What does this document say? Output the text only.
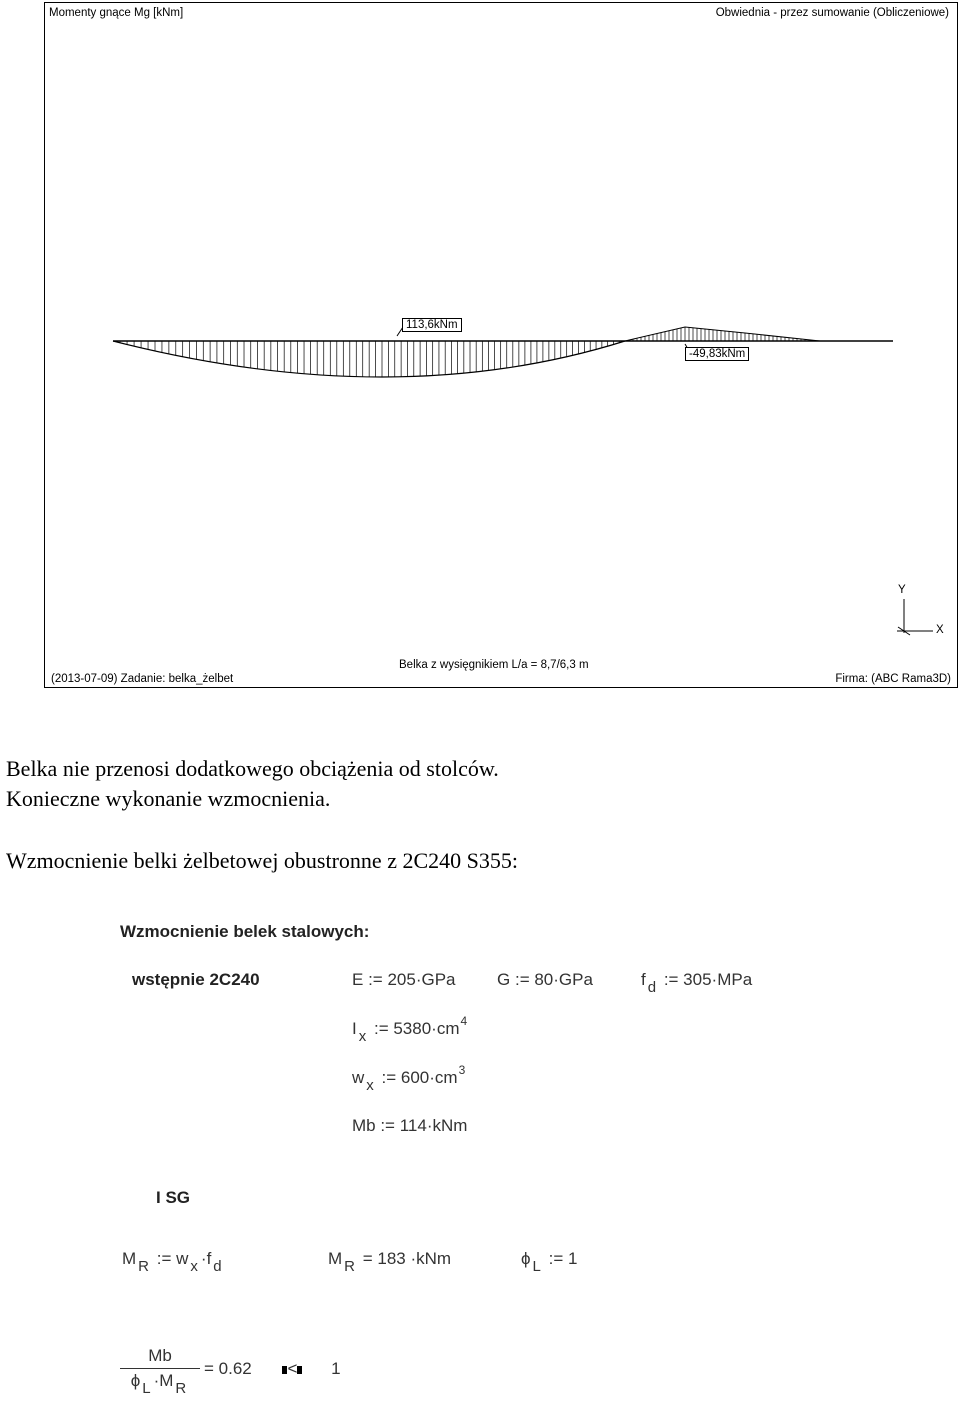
Momenty gnące Mg [kNm]	Obwiednia - przez sumowanie (Obliczeniowe)
113,6kNm
-49,83kNm
Y
X
Belka z wysięgnikiem L/a = 8,7/6,3 m
(2013-07-09) Zadanie: belka_żelbet	Firma: (ABC Rama3D)
Belka nie przenosi dodatkowego obciążenia od stolców.
Konieczne wykonanie wzmocnienia.
Wzmocnienie belki żelbetowej obustronne z 2C240 S355:
Wzmocnienie belek stalowych:
wstępnie 2C240	E := 205·GPa G := 80·GPa	f d := 305·MPa
I x := $5380\cdot cm^4$
w x := $600\cdot cm^3$
Mb := 114·kNm
I SG
M R := w x ·f d	M R = 183 ·kNm	ϕ L := 1
Mb
ϕ L ·M R
= 0.62 < 1
